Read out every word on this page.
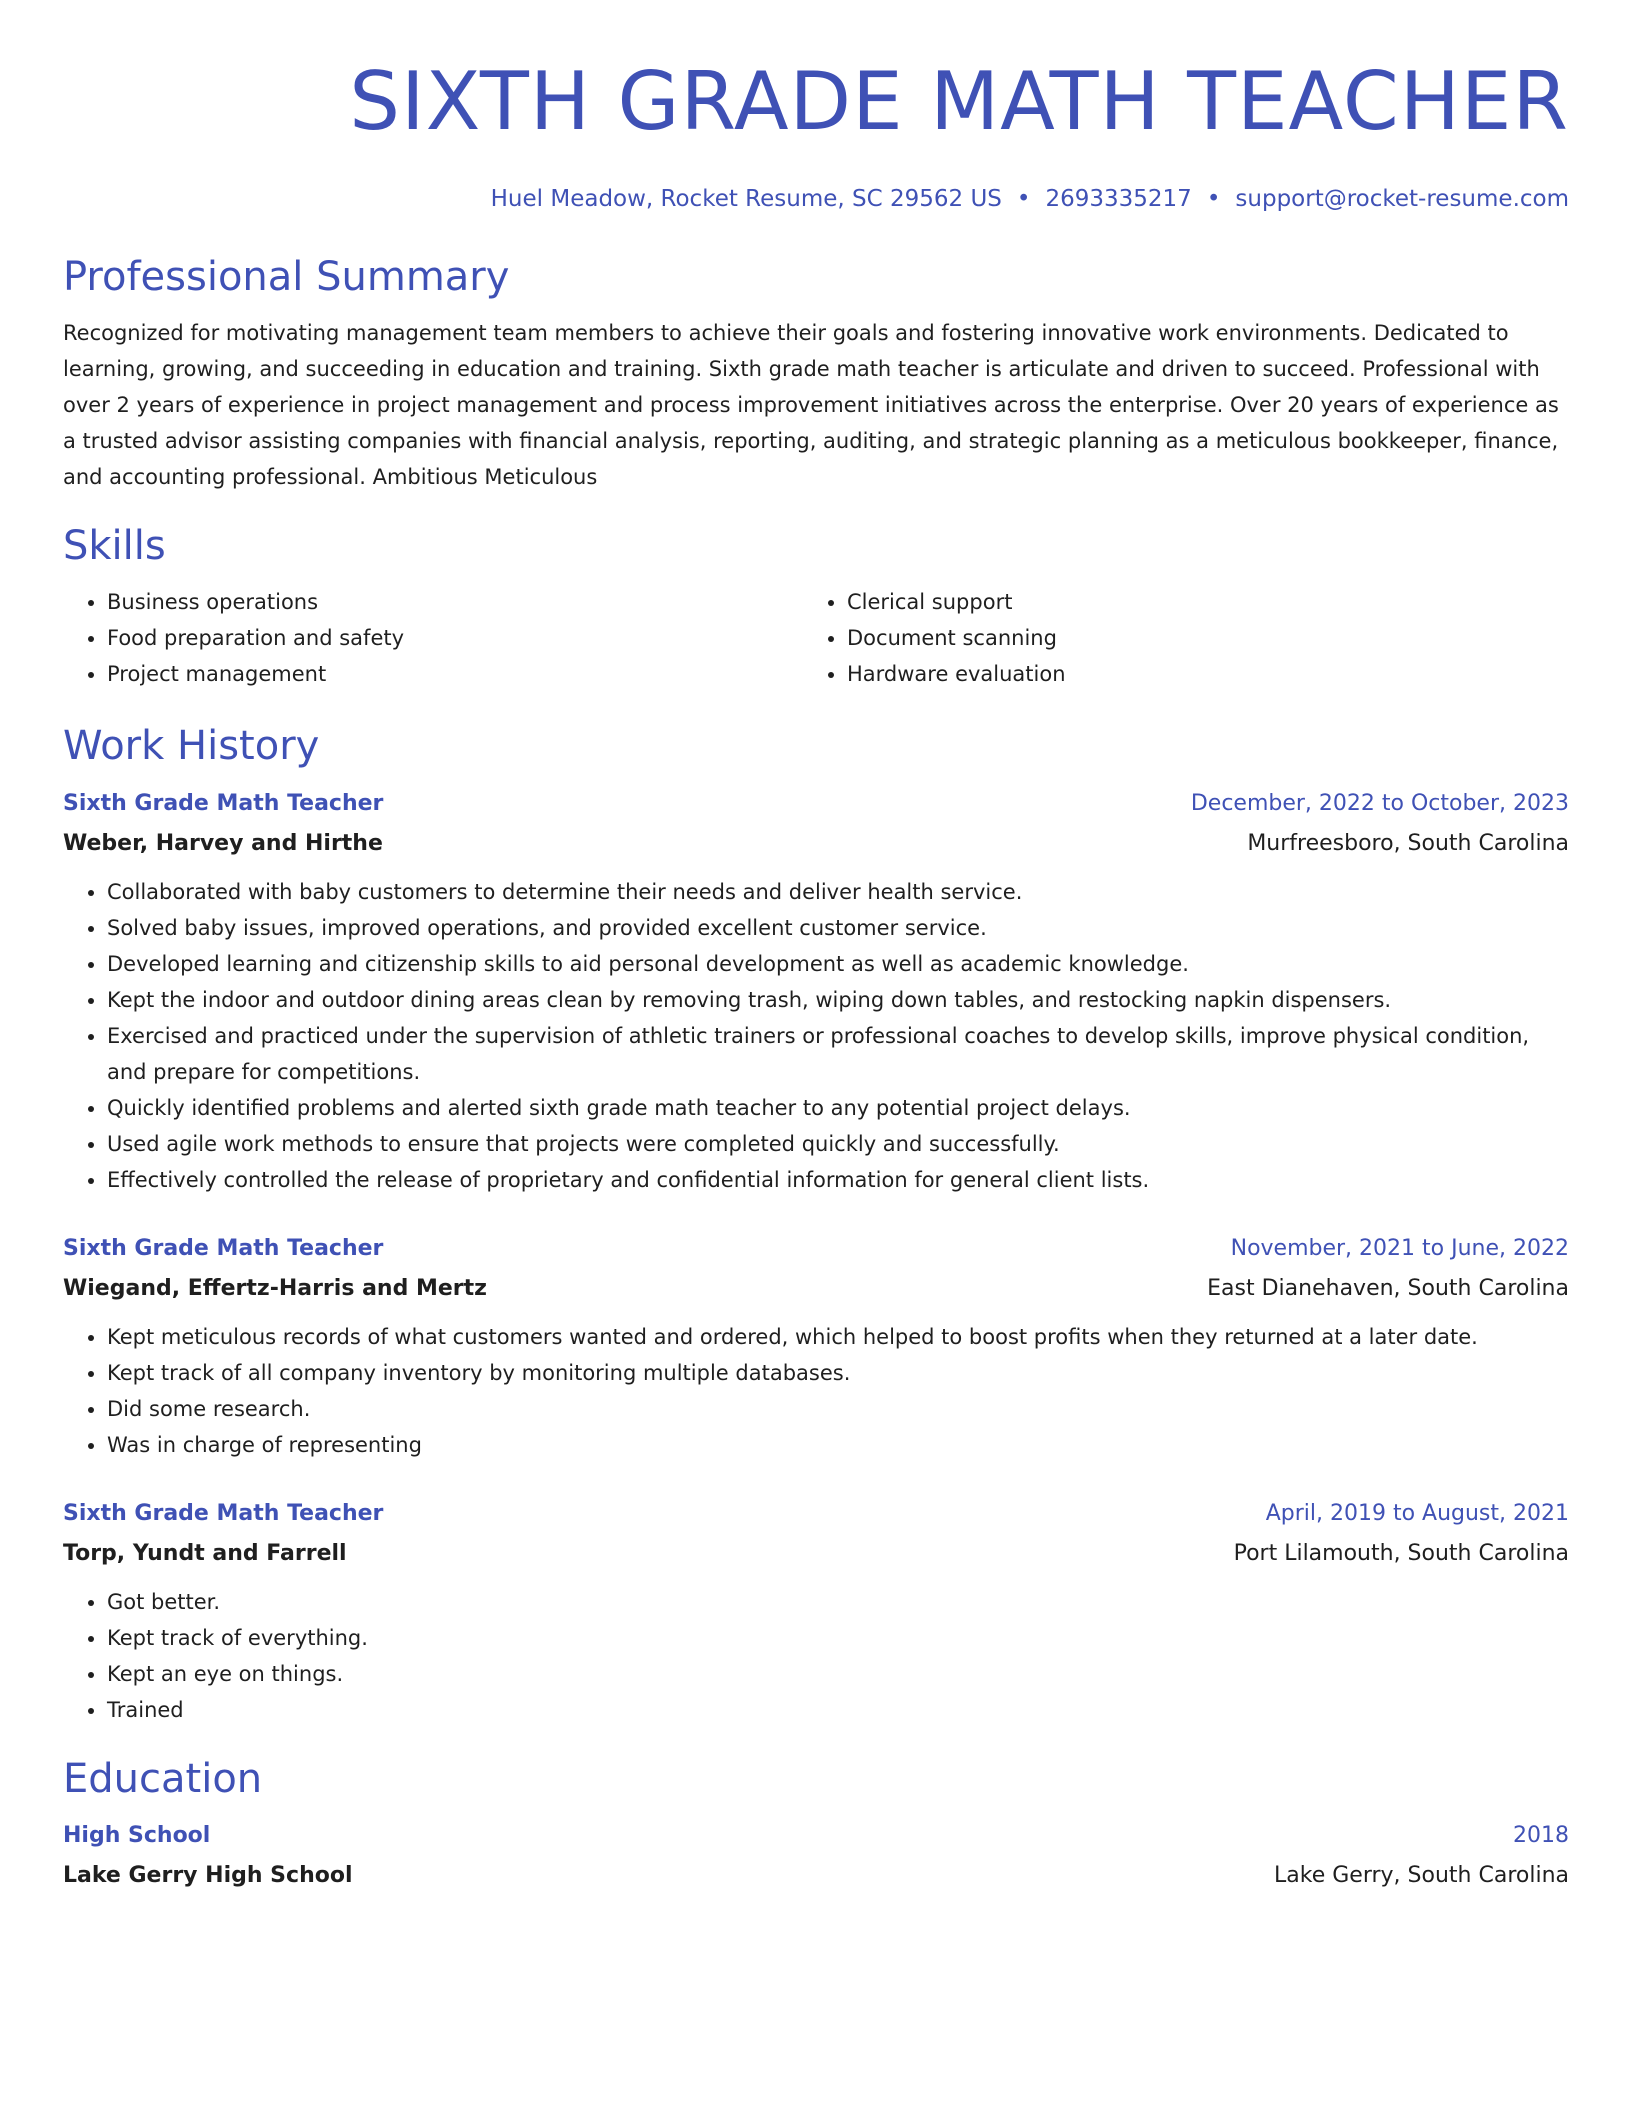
SIXTH GRADE MATH TEACHER
Huel Meadow, Rocket Resume, SC 29562 US • 2693335217 • support@rocket-resume.com
Professional Summary
Recognized for motivating management team members to achieve their goals and fostering innovative work environments. Dedicated to learning, growing, and succeeding in education and training. Sixth grade math teacher is articulate and driven to succeed. Professional with over 2 years of experience in project management and process improvement initiatives across the enterprise. Over 20 years of experience as a trusted advisor assisting companies with financial analysis, reporting, auditing, and strategic planning as a meticulous bookkeeper, finance, and accounting professional. Ambitious Meticulous
Skills
• Business operations
• Food preparation and safety
• Project management
• Clerical support
• Document scanning
• Hardware evaluation
Work History
Sixth Grade Math Teacher	December, 2022 to October, 2023
Weber, Harvey and Hirthe	Murfreesboro, South Carolina
• Collaborated with baby customers to determine their needs and deliver health service.
• Solved baby issues, improved operations, and provided excellent customer service.
• Developed learning and citizenship skills to aid personal development as well as academic knowledge.
• Kept the indoor and outdoor dining areas clean by removing trash, wiping down tables, and restocking napkin dispensers.
• Exercised and practiced under the supervision of athletic trainers or professional coaches to develop skills, improve physical condition, and prepare for competitions.
• Quickly identified problems and alerted sixth grade math teacher to any potential project delays.
• Used agile work methods to ensure that projects were completed quickly and successfully.
• Effectively controlled the release of proprietary and confidential information for general client lists.
Sixth Grade Math Teacher	November, 2021 to June, 2022
Wiegand, Effertz-Harris and Mertz	East Dianehaven, South Carolina
• Kept meticulous records of what customers wanted and ordered, which helped to boost profits when they returned at a later date.
• Kept track of all company inventory by monitoring multiple databases.
• Did some research.
• Was in charge of representing
Sixth Grade Math Teacher	April, 2019 to August, 2021
Torp, Yundt and Farrell	Port Lilamouth, South Carolina
• Got better.
• Kept track of everything.
• Kept an eye on things.
• Trained
Education
High School	2018
Lake Gerry High School	Lake Gerry, South Carolina
